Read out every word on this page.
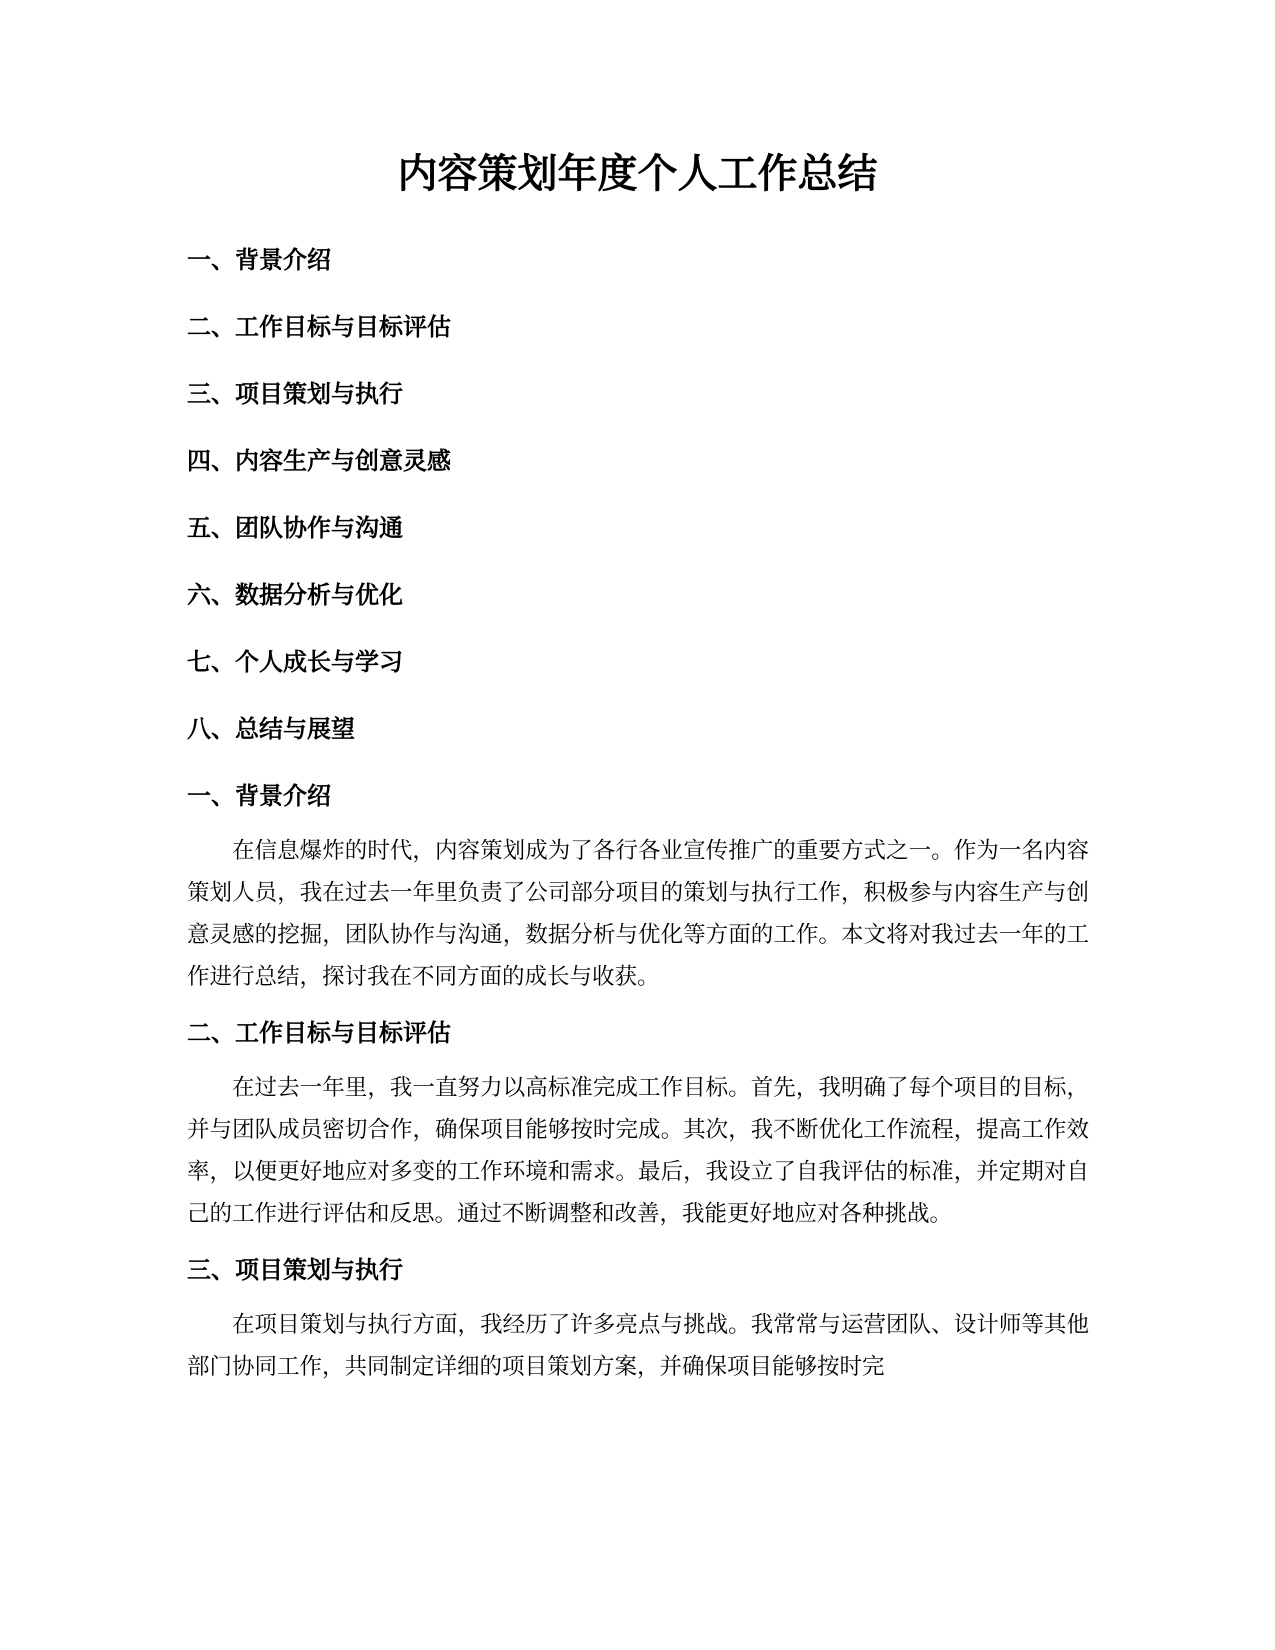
内容策划年度个人工作总结
一、背景介绍
二、工作目标与目标评估
三、项目策划与执行
四、内容生产与创意灵感
五、团队协作与沟通
六、数据分析与优化
七、个人成长与学习
八、总结与展望
一、背景介绍

在信息爆炸的时代，内容策划成为了各行各业宣传推广的重要方式之一。作为一名内容策划人员，我在过去一年里负责了公司部分项目的策划与执行工作，积极参与内容生产与创意灵感的挖掘，团队协作与沟通，数据分析与优化等方面的工作。本文将对我过去一年的工作进行总结，探讨我在不同方面的成长与收获。

二、工作目标与目标评估

在过去一年里，我一直努力以高标准完成工作目标。首先，我明确了每个项目的目标，并与团队成员密切合作，确保项目能够按时完成。其次，我不断优化工作流程，提高工作效率，以便更好地应对多变的工作环境和需求。最后，我设立了自我评估的标准，并定期对自己的工作进行评估和反思。通过不断调整和改善，我能更好地应对各种挑战。

三、项目策划与执行

在项目策划与执行方面，我经历了许多亮点与挑战。我常常与运营团队、设计师等其他部门协同工作，共同制定详细的项目策划方案，并确保项目能够按时完
